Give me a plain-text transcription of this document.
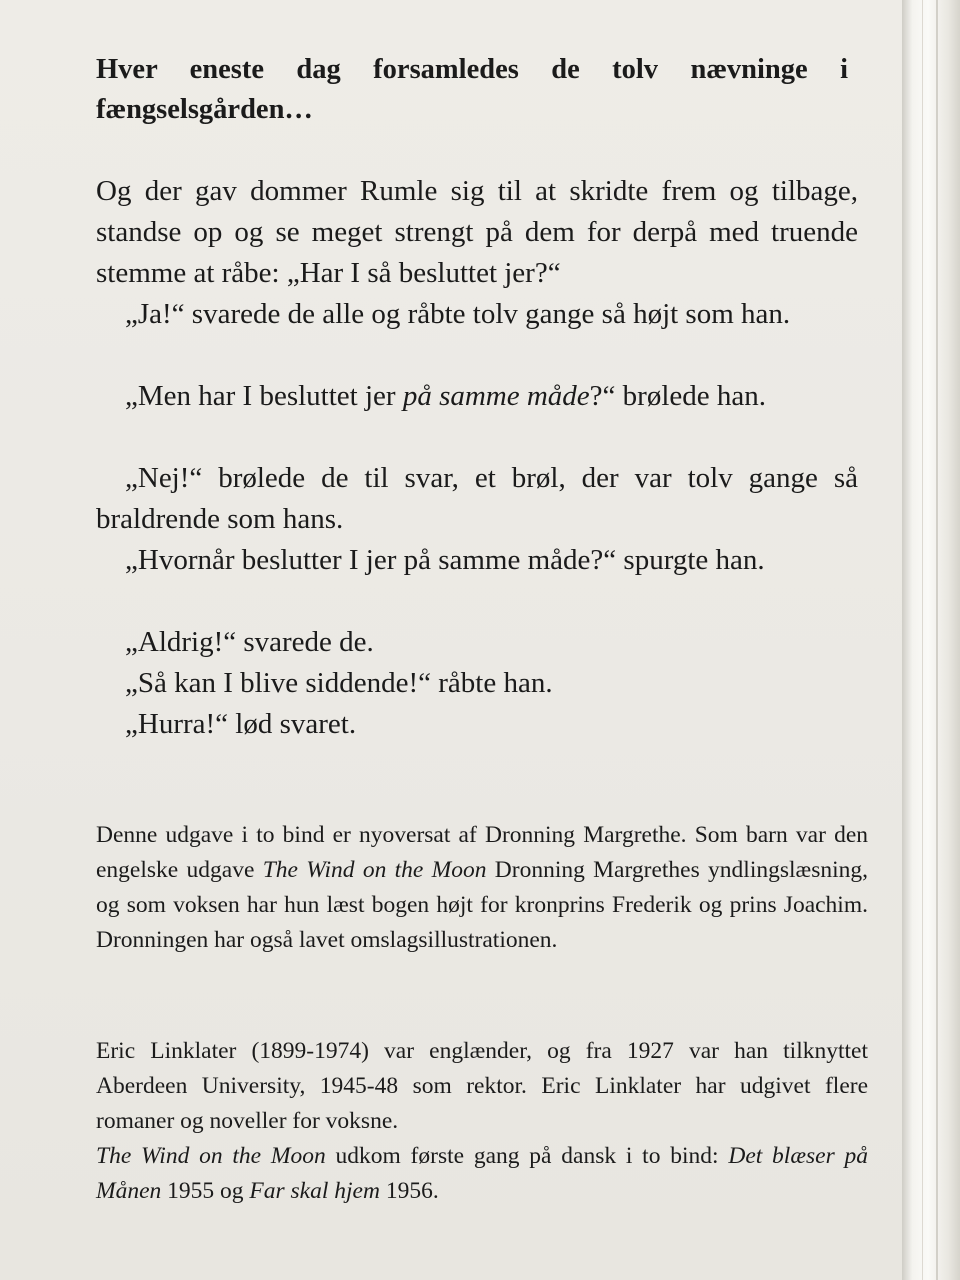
Hver eneste dag forsamledes de tolv nævninge i fængselsgården…

Og der gav dommer Rumle sig til at skridte frem og tilbage, standse op og se meget strengt på dem for derpå med truende stemme at råbe: „Har I så besluttet jer?“

„Ja!“ svarede de alle og råbte tolv gange så højt som han.

„Men har I besluttet jer på samme måde?“ brølede han.

„Nej!“ brølede de til svar, et brøl, der var tolv gange så braldrende som hans.

„Hvornår beslutter I jer på samme måde?“ spurgte han.

„Aldrig!“ svarede de.

„Så kan I blive siddende!“ råbte han.

„Hurra!“ lød svaret.

Denne udgave i to bind er nyoversat af Dronning Margrethe. Som barn var den engelske udgave The Wind on the Moon Dronning Margrethes yndlingslæsning, og som voksen har hun læst bogen højt for kronprins Frederik og prins Joachim. Dronningen har også lavet omslagsillustrationen.

Eric Linklater (1899-1974) var englænder, og fra 1927 var han tilknyttet Aberdeen University, 1945-48 som rektor. Eric Linklater har udgivet flere romaner og noveller for voksne.

The Wind on the Moon udkom første gang på dansk i to bind: Det blæser på Månen 1955 og Far skal hjem 1956.
